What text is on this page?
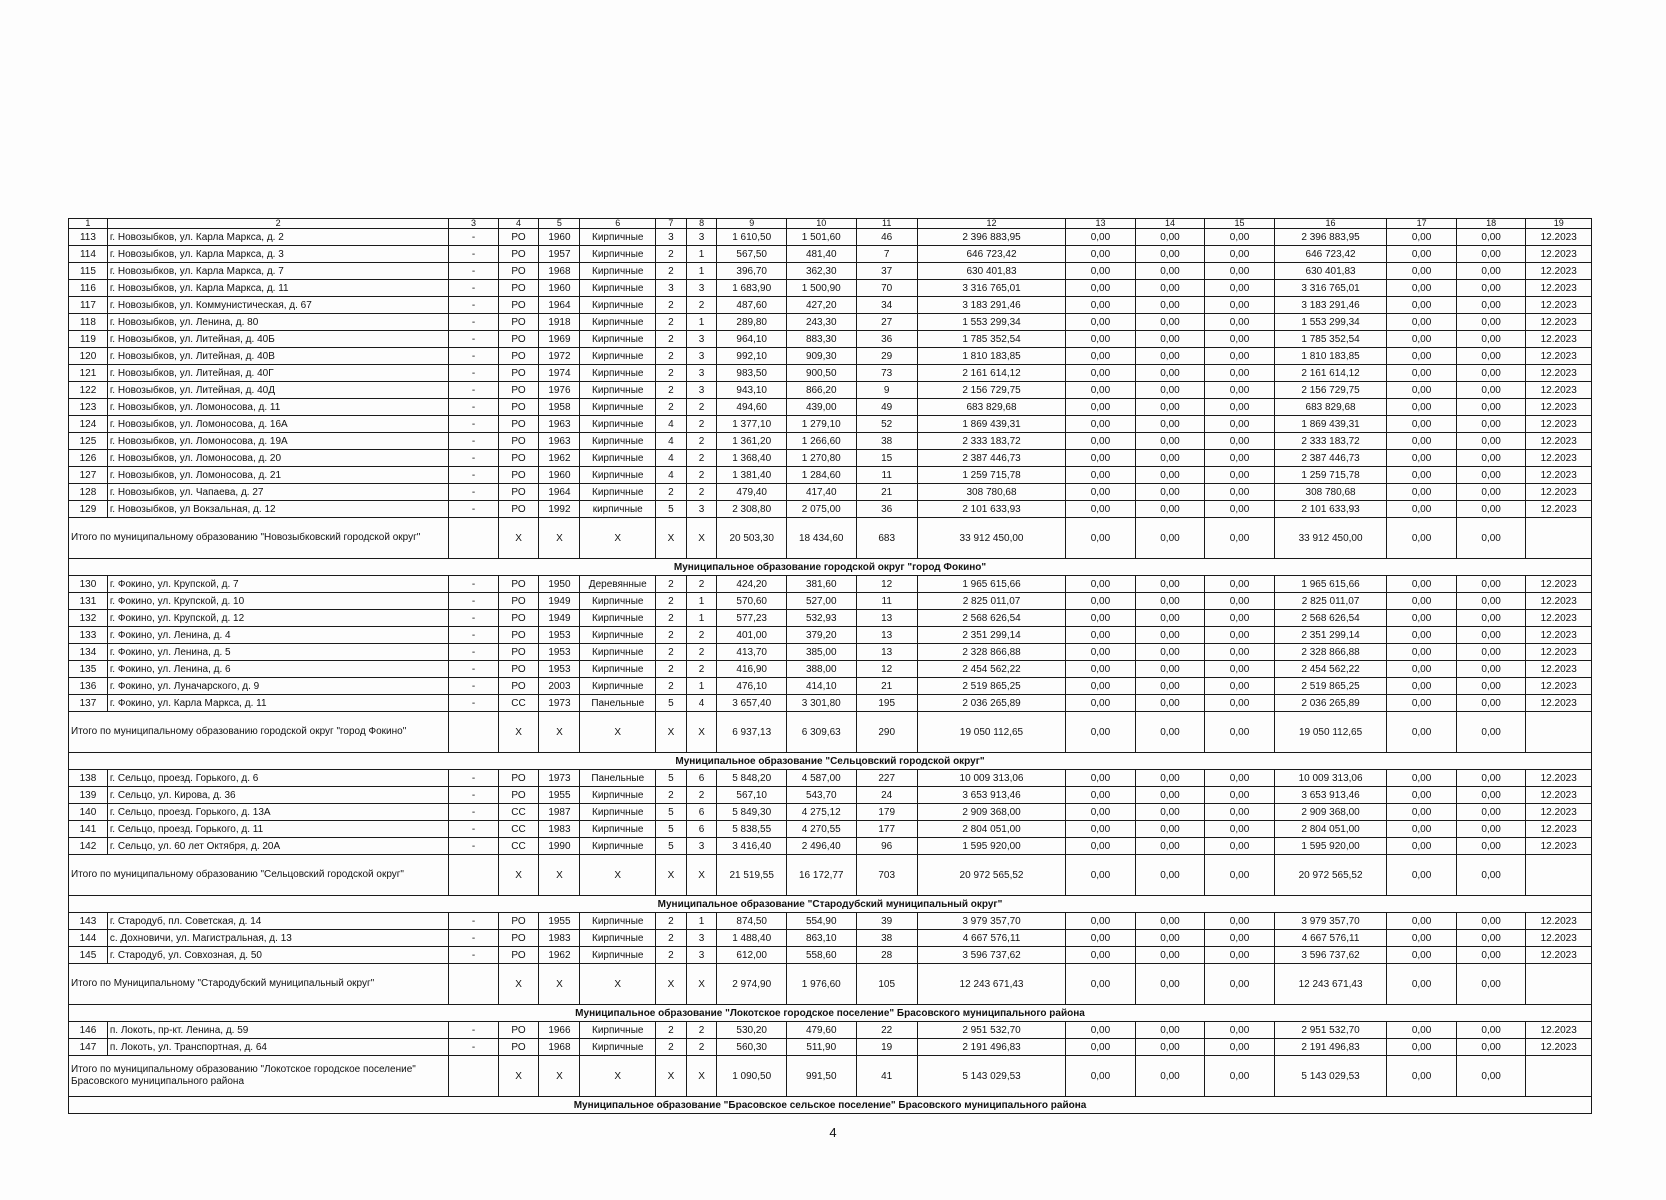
1	2	3	4	5	6	7	8	9	10	11	12	13	14	15	16	17	18	19
113	г. Новозыбков, ул. Карла Маркса, д. 2	-	РО	1960	Кирпичные	3	3	1 610,50	1 501,60	46	2 396 883,95	0,00	0,00	0,00	2 396 883,95	0,00	0,00	12.2023
114	г. Новозыбков, ул. Карла Маркса, д. 3	-	РО	1957	Кирпичные	2	1	567,50	481,40	7	646 723,42	0,00	0,00	0,00	646 723,42	0,00	0,00	12.2023
115	г. Новозыбков, ул. Карла Маркса, д. 7	-	РО	1968	Кирпичные	2	1	396,70	362,30	37	630 401,83	0,00	0,00	0,00	630 401,83	0,00	0,00	12.2023
116	г. Новозыбков, ул. Карла Маркса, д. 11	-	РО	1960	Кирпичные	3	3	1 683,90	1 500,90	70	3 316 765,01	0,00	0,00	0,00	3 316 765,01	0,00	0,00	12.2023
117	г. Новозыбков, ул. Коммунистическая, д. 67	-	РО	1964	Кирпичные	2	2	487,60	427,20	34	3 183 291,46	0,00	0,00	0,00	3 183 291,46	0,00	0,00	12.2023
118	г. Новозыбков, ул. Ленина, д. 80	-	РО	1918	Кирпичные	2	1	289,80	243,30	27	1 553 299,34	0,00	0,00	0,00	1 553 299,34	0,00	0,00	12.2023
119	г. Новозыбков, ул. Литейная, д. 40Б	-	РО	1969	Кирпичные	2	3	964,10	883,30	36	1 785 352,54	0,00	0,00	0,00	1 785 352,54	0,00	0,00	12.2023
120	г. Новозыбков, ул. Литейная, д. 40В	-	РО	1972	Кирпичные	2	3	992,10	909,30	29	1 810 183,85	0,00	0,00	0,00	1 810 183,85	0,00	0,00	12.2023
121	г. Новозыбков, ул. Литейная, д. 40Г	-	РО	1974	Кирпичные	2	3	983,50	900,50	73	2 161 614,12	0,00	0,00	0,00	2 161 614,12	0,00	0,00	12.2023
122	г. Новозыбков, ул. Литейная, д. 40Д	-	РО	1976	Кирпичные	2	3	943,10	866,20	9	2 156 729,75	0,00	0,00	0,00	2 156 729,75	0,00	0,00	12.2023
123	г. Новозыбков, ул. Ломоносова, д. 11	-	РО	1958	Кирпичные	2	2	494,60	439,00	49	683 829,68	0,00	0,00	0,00	683 829,68	0,00	0,00	12.2023
124	г. Новозыбков, ул. Ломоносова, д. 16А	-	РО	1963	Кирпичные	4	2	1 377,10	1 279,10	52	1 869 439,31	0,00	0,00	0,00	1 869 439,31	0,00	0,00	12.2023
125	г. Новозыбков, ул. Ломоносова, д. 19А	-	РО	1963	Кирпичные	4	2	1 361,20	1 266,60	38	2 333 183,72	0,00	0,00	0,00	2 333 183,72	0,00	0,00	12.2023
126	г. Новозыбков, ул. Ломоносова, д. 20	-	РО	1962	Кирпичные	4	2	1 368,40	1 270,80	15	2 387 446,73	0,00	0,00	0,00	2 387 446,73	0,00	0,00	12.2023
127	г. Новозыбков, ул. Ломоносова, д. 21	-	РО	1960	Кирпичные	4	2	1 381,40	1 284,60	11	1 259 715,78	0,00	0,00	0,00	1 259 715,78	0,00	0,00	12.2023
128	г. Новозыбков, ул. Чапаева, д. 27	-	РО	1964	Кирпичные	2	2	479,40	417,40	21	308 780,68	0,00	0,00	0,00	308 780,68	0,00	0,00	12.2023
129	г. Новозыбков, ул Вокзальная, д. 12	-	РО	1992	кирпичные	5	3	2 308,80	2 075,00	36	2 101 633,93	0,00	0,00	0,00	2 101 633,93	0,00	0,00	12.2023
Итого по муниципальному образованию "Новозыбковский городской округ"			X	X	X	X	X	20 503,30	18 434,60	683	33 912 450,00	0,00	0,00	0,00	33 912 450,00	0,00	0,00	
Муниципальное образование городской округ "город Фокино"																		
130	г. Фокино, ул. Крупской, д. 7	-	РО	1950	Деревянные	2	2	424,20	381,60	12	1 965 615,66	0,00	0,00	0,00	1 965 615,66	0,00	0,00	12.2023
131	г. Фокино, ул. Крупской, д. 10	-	РО	1949	Кирпичные	2	1	570,60	527,00	11	2 825 011,07	0,00	0,00	0,00	2 825 011,07	0,00	0,00	12.2023
132	г. Фокино, ул. Крупской, д. 12	-	РО	1949	Кирпичные	2	1	577,23	532,93	13	2 568 626,54	0,00	0,00	0,00	2 568 626,54	0,00	0,00	12.2023
133	г. Фокино, ул. Ленина, д. 4	-	РО	1953	Кирпичные	2	2	401,00	379,20	13	2 351 299,14	0,00	0,00	0,00	2 351 299,14	0,00	0,00	12.2023
134	г. Фокино, ул. Ленина, д. 5	-	РО	1953	Кирпичные	2	2	413,70	385,00	13	2 328 866,88	0,00	0,00	0,00	2 328 866,88	0,00	0,00	12.2023
135	г. Фокино, ул. Ленина, д. 6	-	РО	1953	Кирпичные	2	2	416,90	388,00	12	2 454 562,22	0,00	0,00	0,00	2 454 562,22	0,00	0,00	12.2023
136	г. Фокино, ул. Луначарского, д. 9	-	РО	2003	Кирпичные	2	1	476,10	414,10	21	2 519 865,25	0,00	0,00	0,00	2 519 865,25	0,00	0,00	12.2023
137	г. Фокино, ул. Карла Маркса, д. 11	-	СС	1973	Панельные	5	4	3 657,40	3 301,80	195	2 036 265,89	0,00	0,00	0,00	2 036 265,89	0,00	0,00	12.2023
Итого по муниципальному образованию городской округ "город Фокино"			X	X	X	X	X	6 937,13	6 309,63	290	19 050 112,65	0,00	0,00	0,00	19 050 112,65	0,00	0,00	
Муниципальное образование "Сельцовский городской округ"																		
138	г. Сельцо, проезд. Горького, д. 6	-	РО	1973	Панельные	5	6	5 848,20	4 587,00	227	10 009 313,06	0,00	0,00	0,00	10 009 313,06	0,00	0,00	12.2023
139	г. Сельцо, ул. Кирова, д. 36	-	РО	1955	Кирпичные	2	2	567,10	543,70	24	3 653 913,46	0,00	0,00	0,00	3 653 913,46	0,00	0,00	12.2023
140	г. Сельцо, проезд. Горького, д. 13А	-	СС	1987	Кирпичные	5	6	5 849,30	4 275,12	179	2 909 368,00	0,00	0,00	0,00	2 909 368,00	0,00	0,00	12.2023
141	г. Сельцо, проезд. Горького, д. 11	-	СС	1983	Кирпичные	5	6	5 838,55	4 270,55	177	2 804 051,00	0,00	0,00	0,00	2 804 051,00	0,00	0,00	12.2023
142	г. Сельцо, ул. 60 лет Октября, д. 20А	-	СС	1990	Кирпичные	5	3	3 416,40	2 496,40	96	1 595 920,00	0,00	0,00	0,00	1 595 920,00	0,00	0,00	12.2023
Итого по муниципальному образованию "Сельцовский городской округ"			X	X	X	X	X	21 519,55	16 172,77	703	20 972 565,52	0,00	0,00	0,00	20 972 565,52	0,00	0,00	
Муниципальное образование "Стародубский муниципальный округ"																		
143	г. Стародуб, пл. Советская, д. 14	-	РО	1955	Кирпичные	2	1	874,50	554,90	39	3 979 357,70	0,00	0,00	0,00	3 979 357,70	0,00	0,00	12.2023
144	с. Дохновичи, ул. Магистральная, д. 13	-	РО	1983	Кирпичные	2	3	1 488,40	863,10	38	4 667 576,11	0,00	0,00	0,00	4 667 576,11	0,00	0,00	12.2023
145	г. Стародуб, ул. Совхозная, д. 50	-	РО	1962	Кирпичные	2	3	612,00	558,60	28	3 596 737,62	0,00	0,00	0,00	3 596 737,62	0,00	0,00	12.2023
Итого по Муниципальному "Стародубский муниципальный округ"			X	X	X	X	X	2 974,90	1 976,60	105	12 243 671,43	0,00	0,00	0,00	12 243 671,43	0,00	0,00	
Муниципальное образование "Локотское городское поселение" Брасовского муниципального района																		
146	п. Локоть, пр-кт. Ленина, д. 59	-	РО	1966	Кирпичные	2	2	530,20	479,60	22	2 951 532,70	0,00	0,00	0,00	2 951 532,70	0,00	0,00	12.2023
147	п. Локоть, ул. Транспортная, д. 64	-	РО	1968	Кирпичные	2	2	560,30	511,90	19	2 191 496,83	0,00	0,00	0,00	2 191 496,83	0,00	0,00	12.2023
Итого по муниципальному образованию "Локотское городское поселение" Брасовского муниципального района			X	X	X	X	X	1 090,50	991,50	41	5 143 029,53	0,00	0,00	0,00	5 143 029,53	0,00	0,00	
Муниципальное образование "Брасовское сельское поселение" Брасовского муниципального района																		
4
